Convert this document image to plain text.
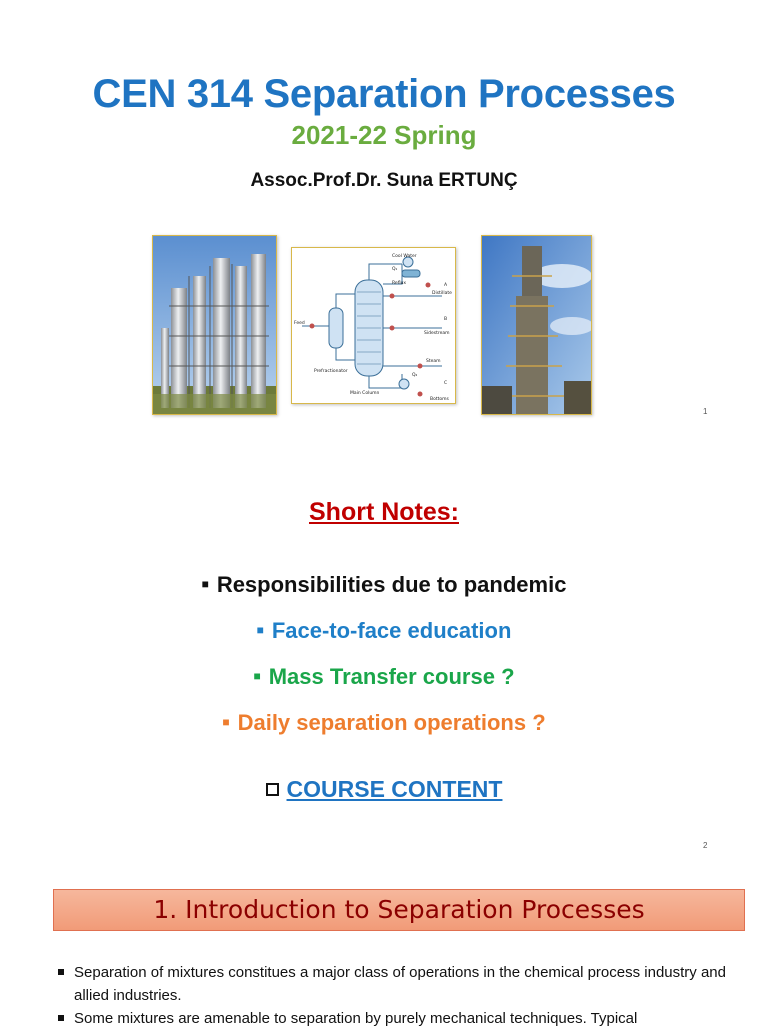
CEN 314 Separation Processes
2021-22 Spring
Assoc.Prof.Dr. Suna ERTUNÇ
Cool Water
Q₁
Reflux	A
Distillate
Feed
B
Sidestream
Prefractionator
Main Column
Steam
Q₂
C
Bottoms
1
Short Notes:
■ Responsibilities due to pandemic
■ Face-to-face education
■ Mass Transfer course ?
■ Daily separation operations ?
COURSE CONTENT
2
1. Introduction to Separation Processes
Separation of mixtures constitues a major class of operations in the chemical process industry and allied industries.
Some mixtures are amenable to separation by purely mechanical techniques. Typical
